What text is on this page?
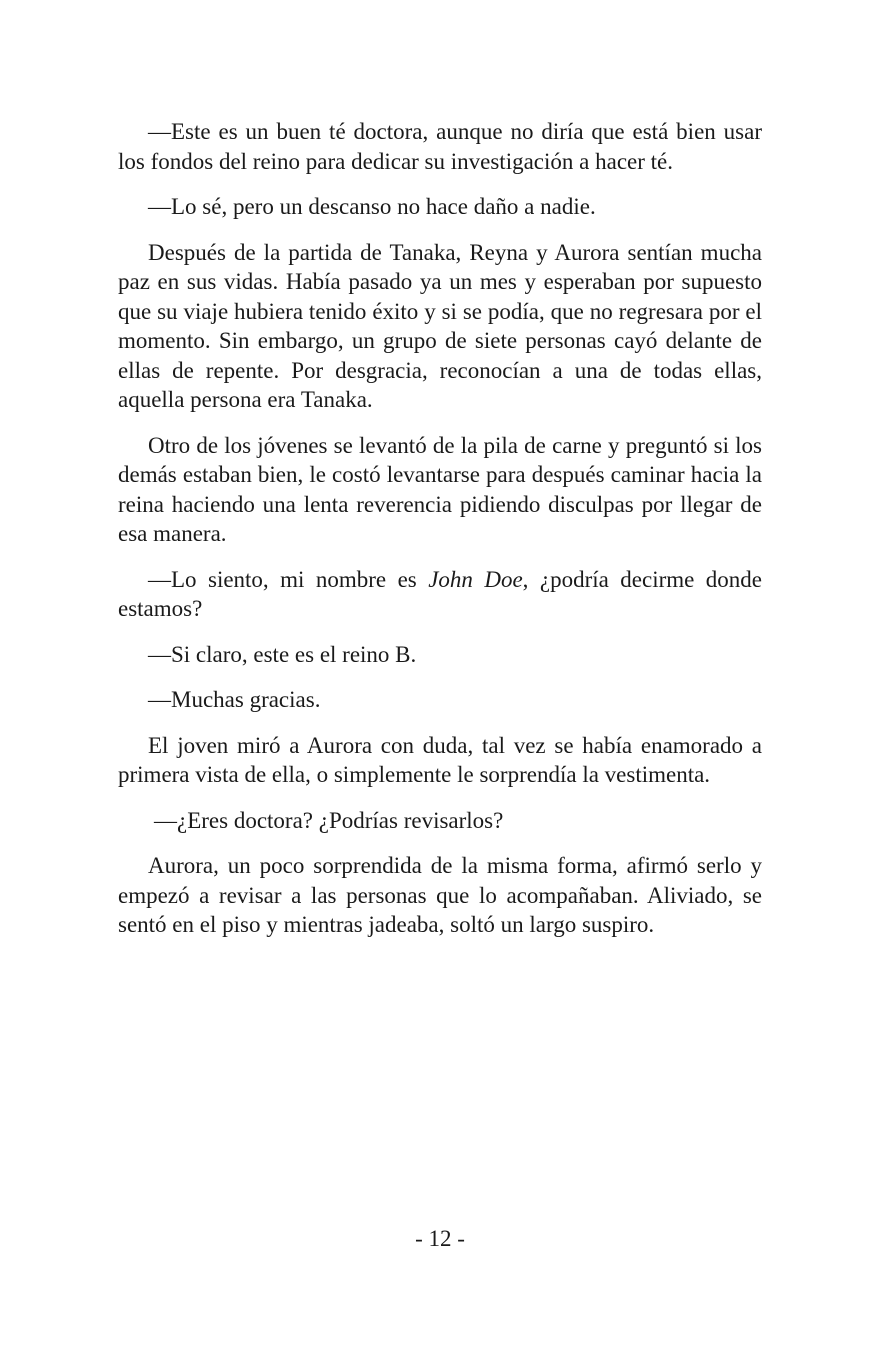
—Este es un buen té doctora, aunque no diría que está bien usar los fondos del reino para dedicar su investigación a hacer té.

—Lo sé, pero un descanso no hace daño a nadie.

Después de la partida de Tanaka, Reyna y Aurora sentían mucha paz en sus vidas. Había pasado ya un mes y esperaban por supuesto que su viaje hubiera tenido éxito y si se podía, que no regresara por el momento. Sin embargo, un grupo de siete personas cayó delante de ellas de repente. Por desgracia, reconocían a una de todas ellas, aquella persona era Tanaka.

Otro de los jóvenes se levantó de la pila de carne y preguntó si los demás estaban bien, le costó levantarse para después caminar hacia la reina haciendo una lenta reverencia pidiendo disculpas por llegar de esa manera.

—Lo siento, mi nombre es John Doe, ¿podría decirme donde estamos?

—Si claro, este es el reino B.

—Muchas gracias.

El joven miró a Aurora con duda, tal vez se había enamorado a primera vista de ella, o simplemente le sorprendía la vestimenta.

—¿Eres doctora? ¿Podrías revisarlos?

Aurora, un poco sorprendida de la misma forma, afirmó serlo y empezó a revisar a las personas que lo acompañaban. Aliviado, se sentó en el piso y mientras jadeaba, soltó un largo suspiro.

- 12 -
